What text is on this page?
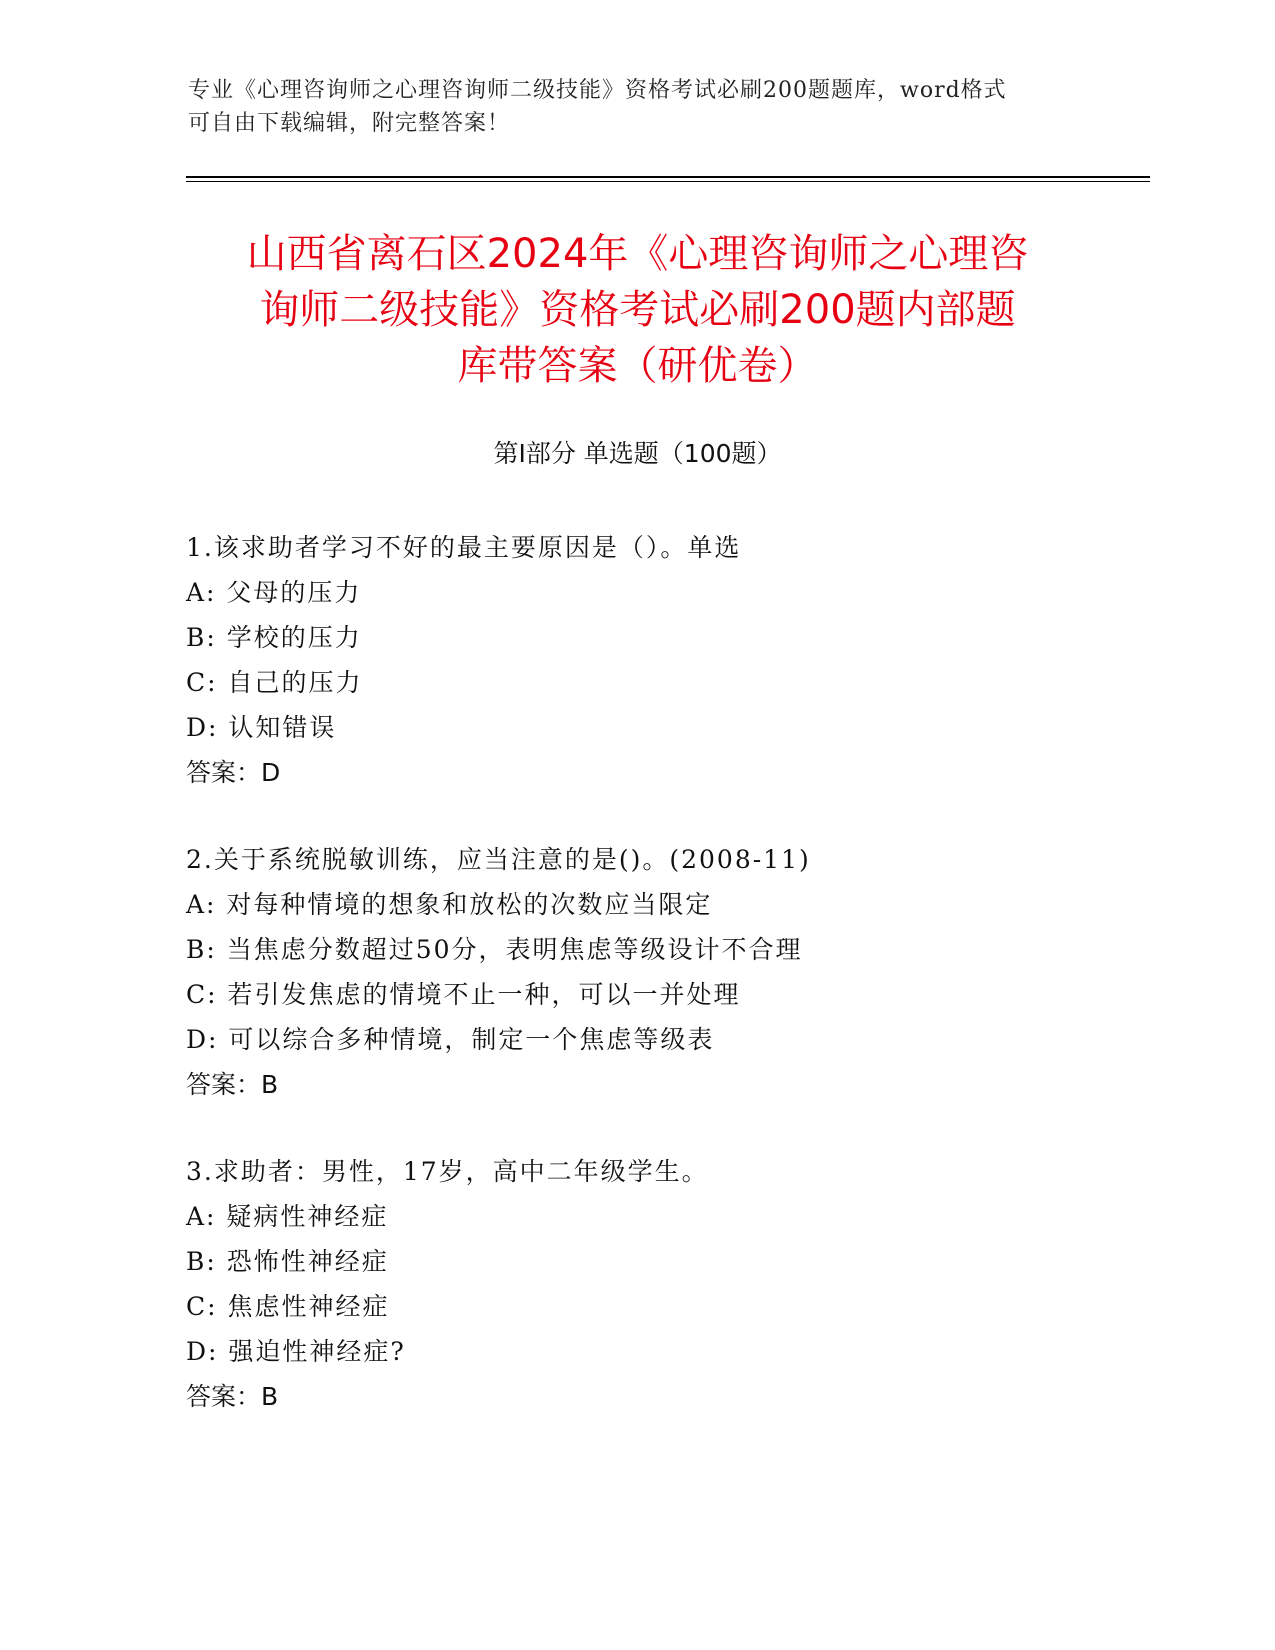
专业《心理咨询师之心理咨询师二级技能》资格考试必刷200题题库，word格式
可自由下载编辑，附完整答案！
山西省离石区2024年《心理咨询师之心理咨
询师二级技能》资格考试必刷200题内部题
库带答案（研优卷）
第Ⅰ部分 单选题（100题）
1.该求助者学习不好的最主要原因是（）。单选
A: 父母的压力
B: 学校的压力
C: 自己的压力
D: 认知错误
答案：D
2.关于系统脱敏训练，应当注意的是()。(2008-11)
A: 对每种情境的想象和放松的次数应当限定
B: 当焦虑分数超过50分，表明焦虑等级设计不合理
C: 若引发焦虑的情境不止一种，可以一并处理
D: 可以综合多种情境，制定一个焦虑等级表
答案：B
3.求助者：男性，17岁，高中二年级学生。
A: 疑病性神经症
B: 恐怖性神经症
C: 焦虑性神经症
D: 强迫性神经症?
答案：B
